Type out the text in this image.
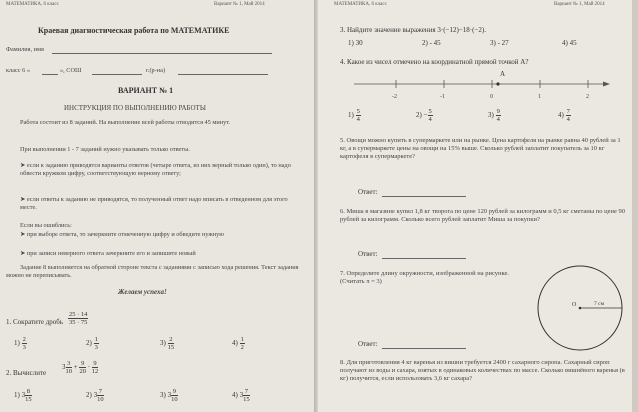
МАТЕМАТИКА, 6 класс	Вариант № 1, Май 2014
Краевая диагностическая работа по МАТЕМАТИКЕ
Фамилия, имя
класс 6 «	», СОШ	г.(р-на)
ВАРИАНТ № 1
ИНСТРУКЦИЯ ПО ВЫПОЛНЕНИЮ РАБОТЫ
Работа состоит из 8 заданий. На выполнение всей работы отводится 45 минут.
При выполнении 1 - 7 заданий нужно указывать только ответы.
➤ если к заданию приводятся варианты ответов (четыре ответа, из них верный только один), то надо обвести кружком цифру, соответствующую верному ответу;
➤ если ответы к заданию не приводятся, то полученный ответ надо вписать в отведенном для этого месте.
Если вы ошиблись:
➤ при выборе ответа, то зачеркните отмеченную цифру и обведите нужную
➤ при записи неверного ответа зачеркните его и запишите новый
Задание 8 выполняется на обратной стороне текста с заданиями с записью хода решения. Текст задания можно не переписывать.
Желаем успеха!
1. Сократите дробь $\frac{25 \cdot 14}{35 \cdot 75}$
$1) \frac{2}{3}$	$2) \frac{1}{3}$	$3) \frac{2}{15}$	$4) \frac{1}{2}$
2. Вычислите
$3 \frac{3}{10} + \frac{9}{20} \cdot \frac{9}{12}$
1) $3 \frac{8}{15}$	2) $3 \frac{7}{10}$	3) $3 \frac{9}{10}$	4) $3 \frac{7}{15}$
МАТЕМАТИКА, 6 класс	Вариант № 1, Май 2014
3. Найдите значение выражения 3·(−12)−18·(−2).
1) 30	2) - 45	3) - 27	4) 45
4. Какое из чисел отмечено на координатной прямой точкой А?
A
-2	-1	0	1	2
$1) \frac{5}{4}$	$2) - \frac{5}{4}$	$3) \frac{9}{4}$	$4) \frac{7}{4}$
5. Овощи можно купить в супермаркете или на рынке. Цена картофеля на рынке равна 40 рублей за 1 кг, а в супермаркете цены на овощи на 15% выше. Сколько рублей заплатит покупатель за 10 кг картофеля в супермаркете?
Ответ:
6. Миша в магазине купил 1,8 кг творога по цене 120 рублей за килограмм и 0,5 кг сметаны по цене 90 рублей за килограмм. Сколько всего рублей заплатит Миша за покупки?
Ответ:
7. Определите длину окружности, изображенной на рисунке. (Считать π = 3)
O	7 см
Ответ:
8. Для приготовления 4 кг варенья из вишни требуется 2400 г сахарного сиропа. Сахарный сироп получают из воды и сахара, взятых в одинаковых количествах по массе. Сколько вишнёвого варенья (в кг) получится, если использовать 3,6 кг сахара?
